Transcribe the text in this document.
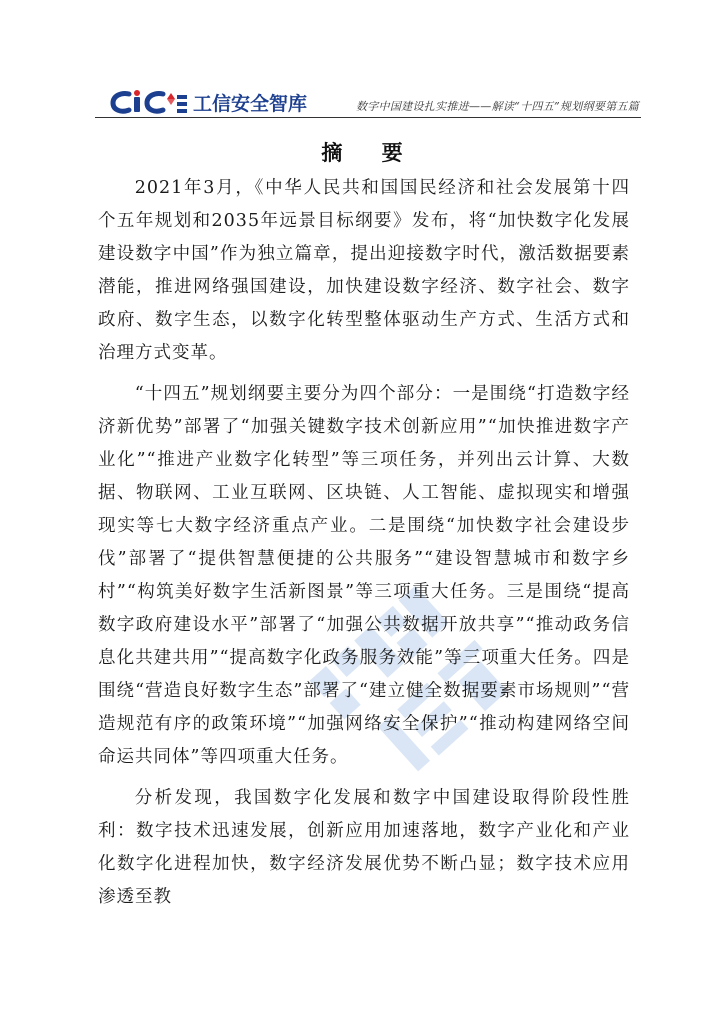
工信安全智库	数字中国建设扎实推进——解读“十四五”规划纲要第五篇
摘 要

2021年3月，《中华人民共和国国民经济和社会发展第十四个五年规划和2035年远景目标纲要》发布，将“加快数字化发展 建设数字中国”作为独立篇章，提出迎接数字时代，激活数据要素潜能，推进网络强国建设，加快建设数字经济、数字社会、数字政府、数字生态，以数字化转型整体驱动生产方式、生活方式和治理方式变革。

“十四五”规划纲要主要分为四个部分：一是围绕“打造数字经济新优势”部署了“加强关键数字技术创新应用”“加快推进数字产业化”“推进产业数字化转型”等三项任务，并列出云计算、大数据、物联网、工业互联网、区块链、人工智能、虚拟现实和增强现实等七大数字经济重点产业。二是围绕“加快数字社会建设步伐”部署了“提供智慧便捷的公共服务”“建设智慧城市和数字乡村”“构筑美好数字生活新图景”等三项重大任务。三是围绕“提高数字政府建设水平”部署了“加强公共数据开放共享”“推动政务信息化共建共用”“提高数字化政务服务效能”等三项重大任务。四是围绕“营造良好数字生态”部署了“建立健全数据要素市场规则”“营造规范有序的政策环境”“加强网络安全保护”“推动构建网络空间命运共同体”等四项重大任务。

分析发现，我国数字化发展和数字中国建设取得阶段性胜利：数字技术迅速发展，创新应用加速落地，数字产业化和产业化数字化进程加快，数字经济发展优势不断凸显；数字技术应用渗透至教
